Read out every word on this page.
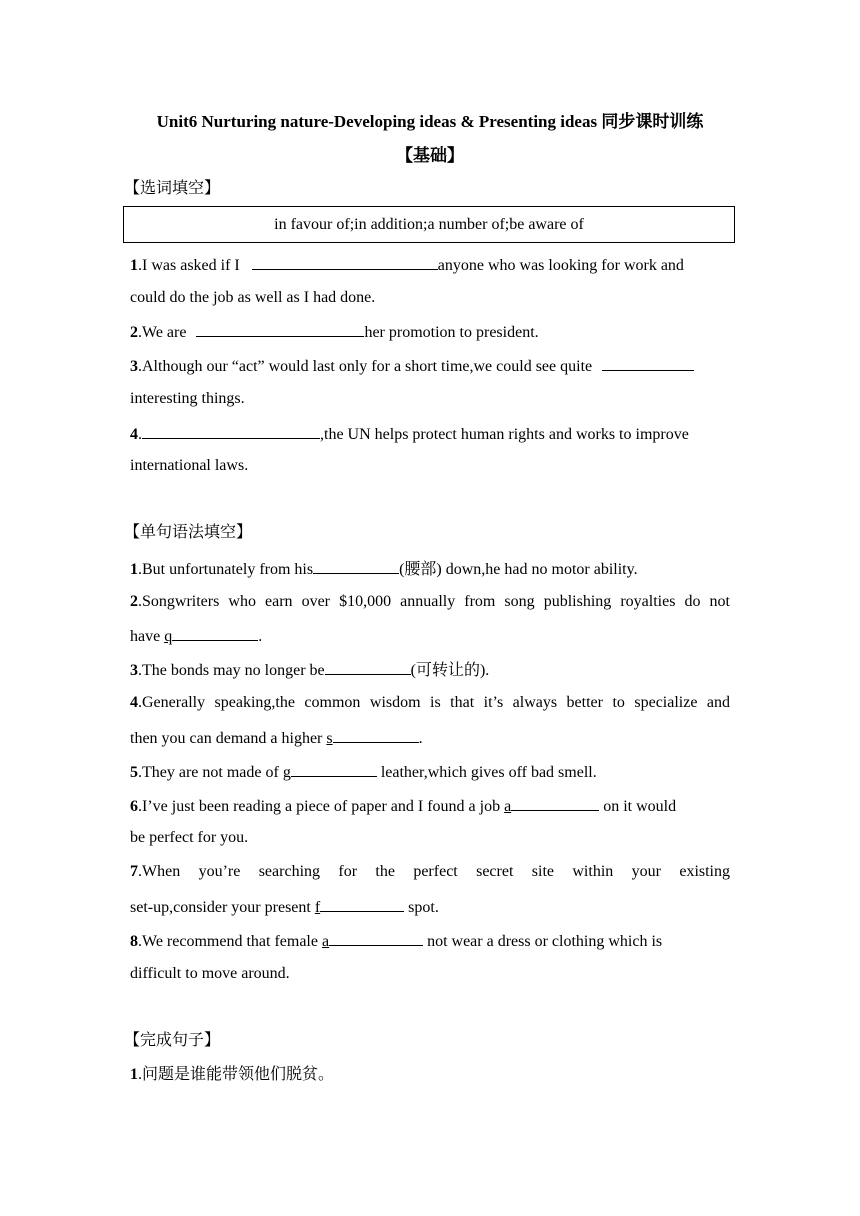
Unit6 Nurturing nature-Developing ideas & Presenting ideas 同步课时训练
【基础】
【选词填空】
in favour of;in addition;a number of;be aware of
1.I was asked if I	anyone who was looking for work and
could do the job as well as I had done.
2.We are	her promotion to president.
3.Although our “act” would last only for a short time,we could see quite
interesting things.
4.	,the UN helps protect human rights and works to improve
international laws.
【单句语法填空】
1.But unfortunately from his	(腰部) down,he had no motor ability.
2.Songwriters who earn over $10,000 annually from song publishing royalties do not
have q	.
3.The bonds may no longer be	(可转让的).
4.Generally speaking,the common wisdom is that it’s always better to specialize and
then you can demand a higher s	.
5.They are not made of g	leather,which gives off bad smell.
6.I’ve just been reading a piece of paper and I found a job a	on it would
be perfect for you.
7.When you’re searching for the perfect secret site within your existing
set-up,consider your present f	spot.
8.We recommend that female a	not wear a dress or clothing which is
difficult to move around.
【完成句子】
1.问题是谁能带领他们脱贫。
